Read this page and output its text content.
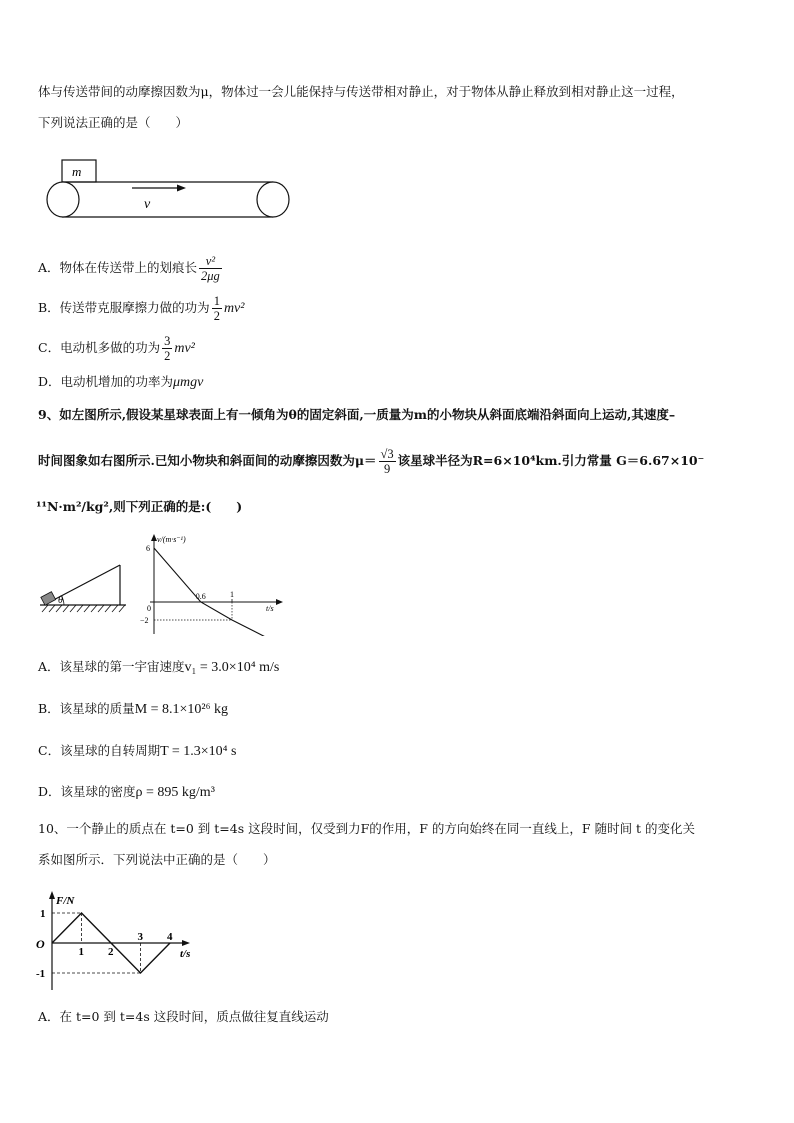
体与传送带间的动摩擦因数为μ，物体过一会儿能保持与传送带相对静止，对于物体从静止释放到相对静止这一过程，
下列说法正确的是（　　）
m
v
A．物体在传送带上的划痕长 $\frac{\text{v²}}{2\mu g}$
B．传送带克服摩擦力做的功为 $\frac{1}{2} mv^2$
C．电动机多做的功为 $\frac{3}{2} mv^2$
D．电动机增加的功率为μmgv
9、如左图所示,假设某星球表面上有一倾角为θ的固定斜面,一质量为m的小物块从斜面底端沿斜面向上运动,其速度–
时间图象如右图所示.已知小物块和斜面间的动摩擦因数为$\mu= \frac{√3}{9}$ 该星球半径为R=6×10⁴km.引力常量 G＝6.67×10⁻
¹¹N·m²/kg²,则下列正确的是:(　　)
θ
v/(m·s⁻¹)
t/s
0
0.6	1
6
−2
A．该星球的第一宇宙速度v₁ = 3.0×10⁴ m/s
B．该星球的质量M = 8.1×10²⁶ kg
C．该星球的自转周期T = 1.3×10⁴ s
D．该星球的密度ρ = 895 kg/m³
10、一个静止的质点在 t=0 到 t=4s 这段时间，仅受到力F的作用，F 的方向始终在同一直线上，F 随时间 t 的变化关
系如图所示．下列说法中正确的是（　　）
F/N
t/s
O
1
-1
1 2
3 4
A．在 t=0 到 t=4s 这段时间，质点做往复直线运动
